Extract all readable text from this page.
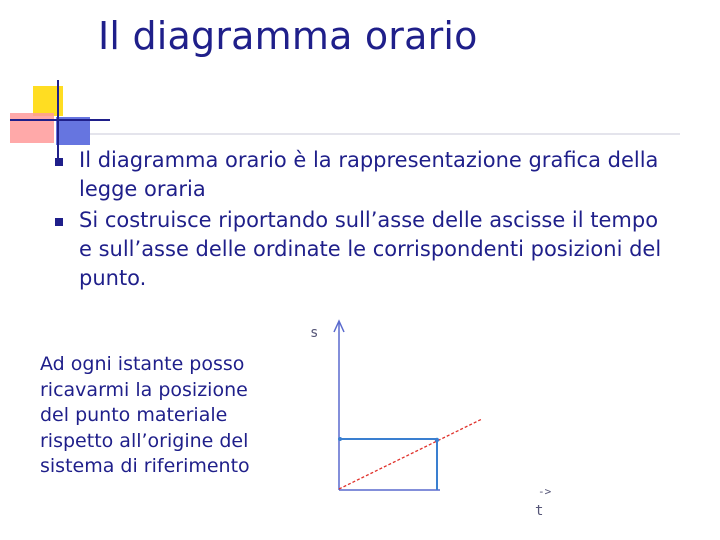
Il diagramma orario
Il diagramma orario è la rappresentazione grafica della legge oraria
Si costruisce riportando sull’asse delle ascisse il tempo e sull’asse delle ordinate le corrispondenti posizioni del punto.
Ad ogni istante posso
ricavarmi la posizione
del punto materiale
rispetto all’origine del
sistema di riferimento
s
->
t
